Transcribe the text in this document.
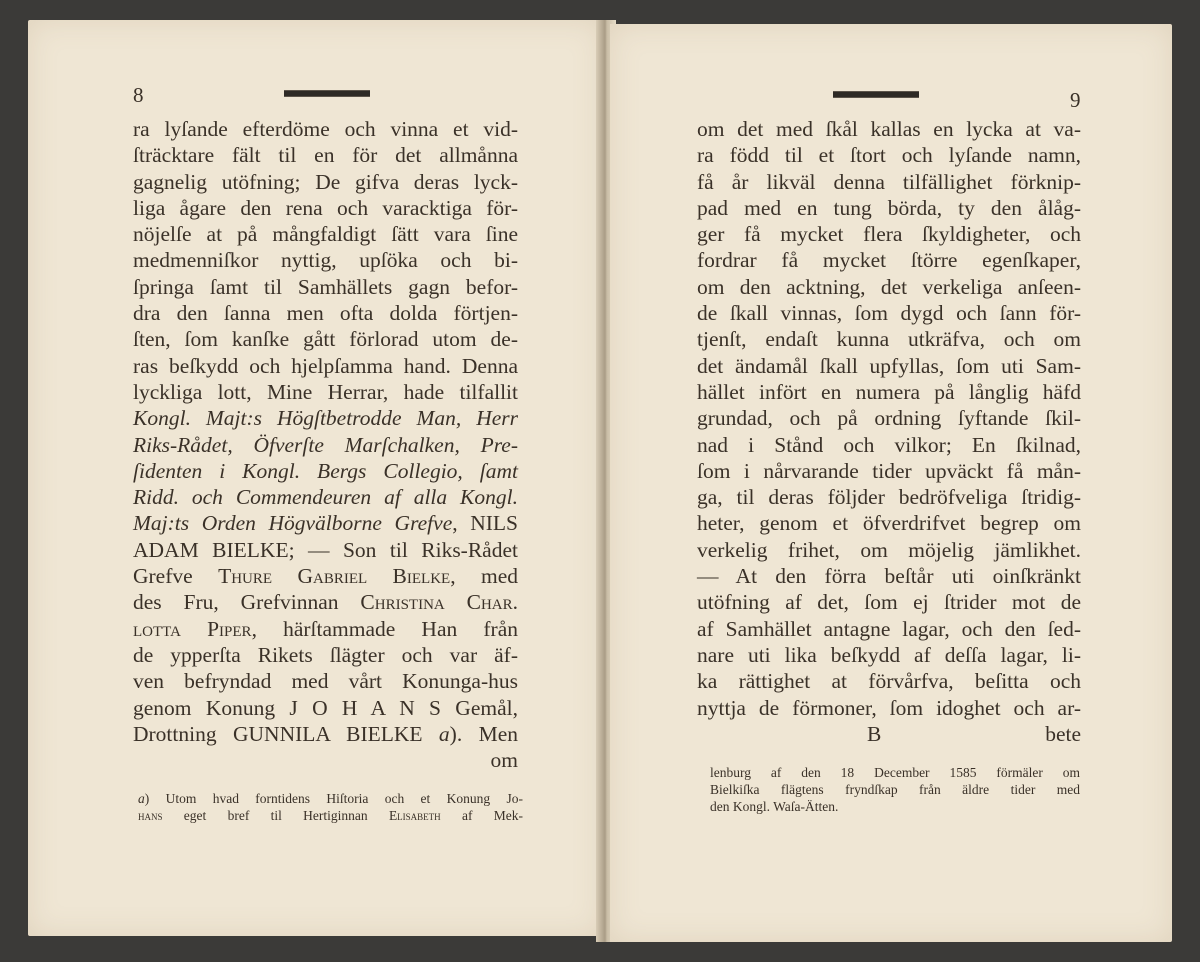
8
ra lyſande efterdöme och vinna et vid-
ſträcktare fält til en för det allmånna
gagnelig utöfning; De gifva deras lyck-
liga ågare den rena och varacktiga för-
nöjelſe at på mångfaldigt ſätt vara ſine
medmenniſkor nyttig, upſöka och bi-
ſpringa ſamt til Samhällets gagn befor-
dra den ſanna men ofta dolda förtjen-
ſten, ſom kanſke gått förlorad utom de-
ras beſkydd och hjelpſamma hand. Denna
lyckliga lott, Mine Herrar, hade tilfallit
Kongl. Majt:s Högſtbetrodde Man, Herr
Riks-Rådet, Öfverſte Marſchalken, Pre-
ſidenten i Kongl. Bergs Collegio, ſamt
Ridd. och Commendeuren af alla Kongl.
Maj:ts Orden Högvälborne Grefve, NILS
ADAM BIELKE; — Son til Riks-Rådet
Grefve Thure Gabriel Bielke, med
des Fru, Grefvinnan Christina Char.
lotta Piper, härſtammade Han från
de ypperſta Rikets ſlägter och var äf-
ven befryndad med vårt Konunga-hus
genom Konung J O H A N S Gemål,
Drottning GUNNILA BIELKE a). Men
om
a) Utom hvad forntidens Hiſtoria och et Konung Jo-
hans eget bref til Hertiginnan Elisabeth af Mek-
9
om det med ſkål kallas en lycka at va-
ra född til et ſtort och lyſande namn,
få år likväl denna tilfällighet förknip-
pad med en tung börda, ty den ålåg-
ger få mycket flera ſkyldigheter, och
fordrar få mycket ſtörre egenſkaper,
om den acktning, det verkeliga anſeen-
de ſkall vinnas, ſom dygd och ſann för-
tjenſt, endaſt kunna utkräfva, och om
det ändamål ſkall upfyllas, ſom uti Sam-
hället infört en numera på långlig häfd
grundad, och på ordning ſyftande ſkil-
nad i Stånd och vilkor; En ſkilnad,
ſom i nårvarande tider upväckt få mån-
ga, til deras följder bedröfveliga ſtridig-
heter, genom et öfverdrifvet begrep om
verkelig frihet, om möjelig jämlikhet.
— At den förra beſtår uti oinſkränkt
utöfning af det, ſom ej ſtrider mot de
af Samhället antagne lagar, och den ſed-
nare uti lika beſkydd af deſſa lagar, li-
ka rättighet at förvårfva, beſitta och
nyttja de förmoner, ſom idoghet och ar-
B	bete
lenburg af den 18 December 1585 förmäler om
Bielkiſka flägtens fryndſkap från äldre tider med
den Kongl. Waſa-Ätten.
